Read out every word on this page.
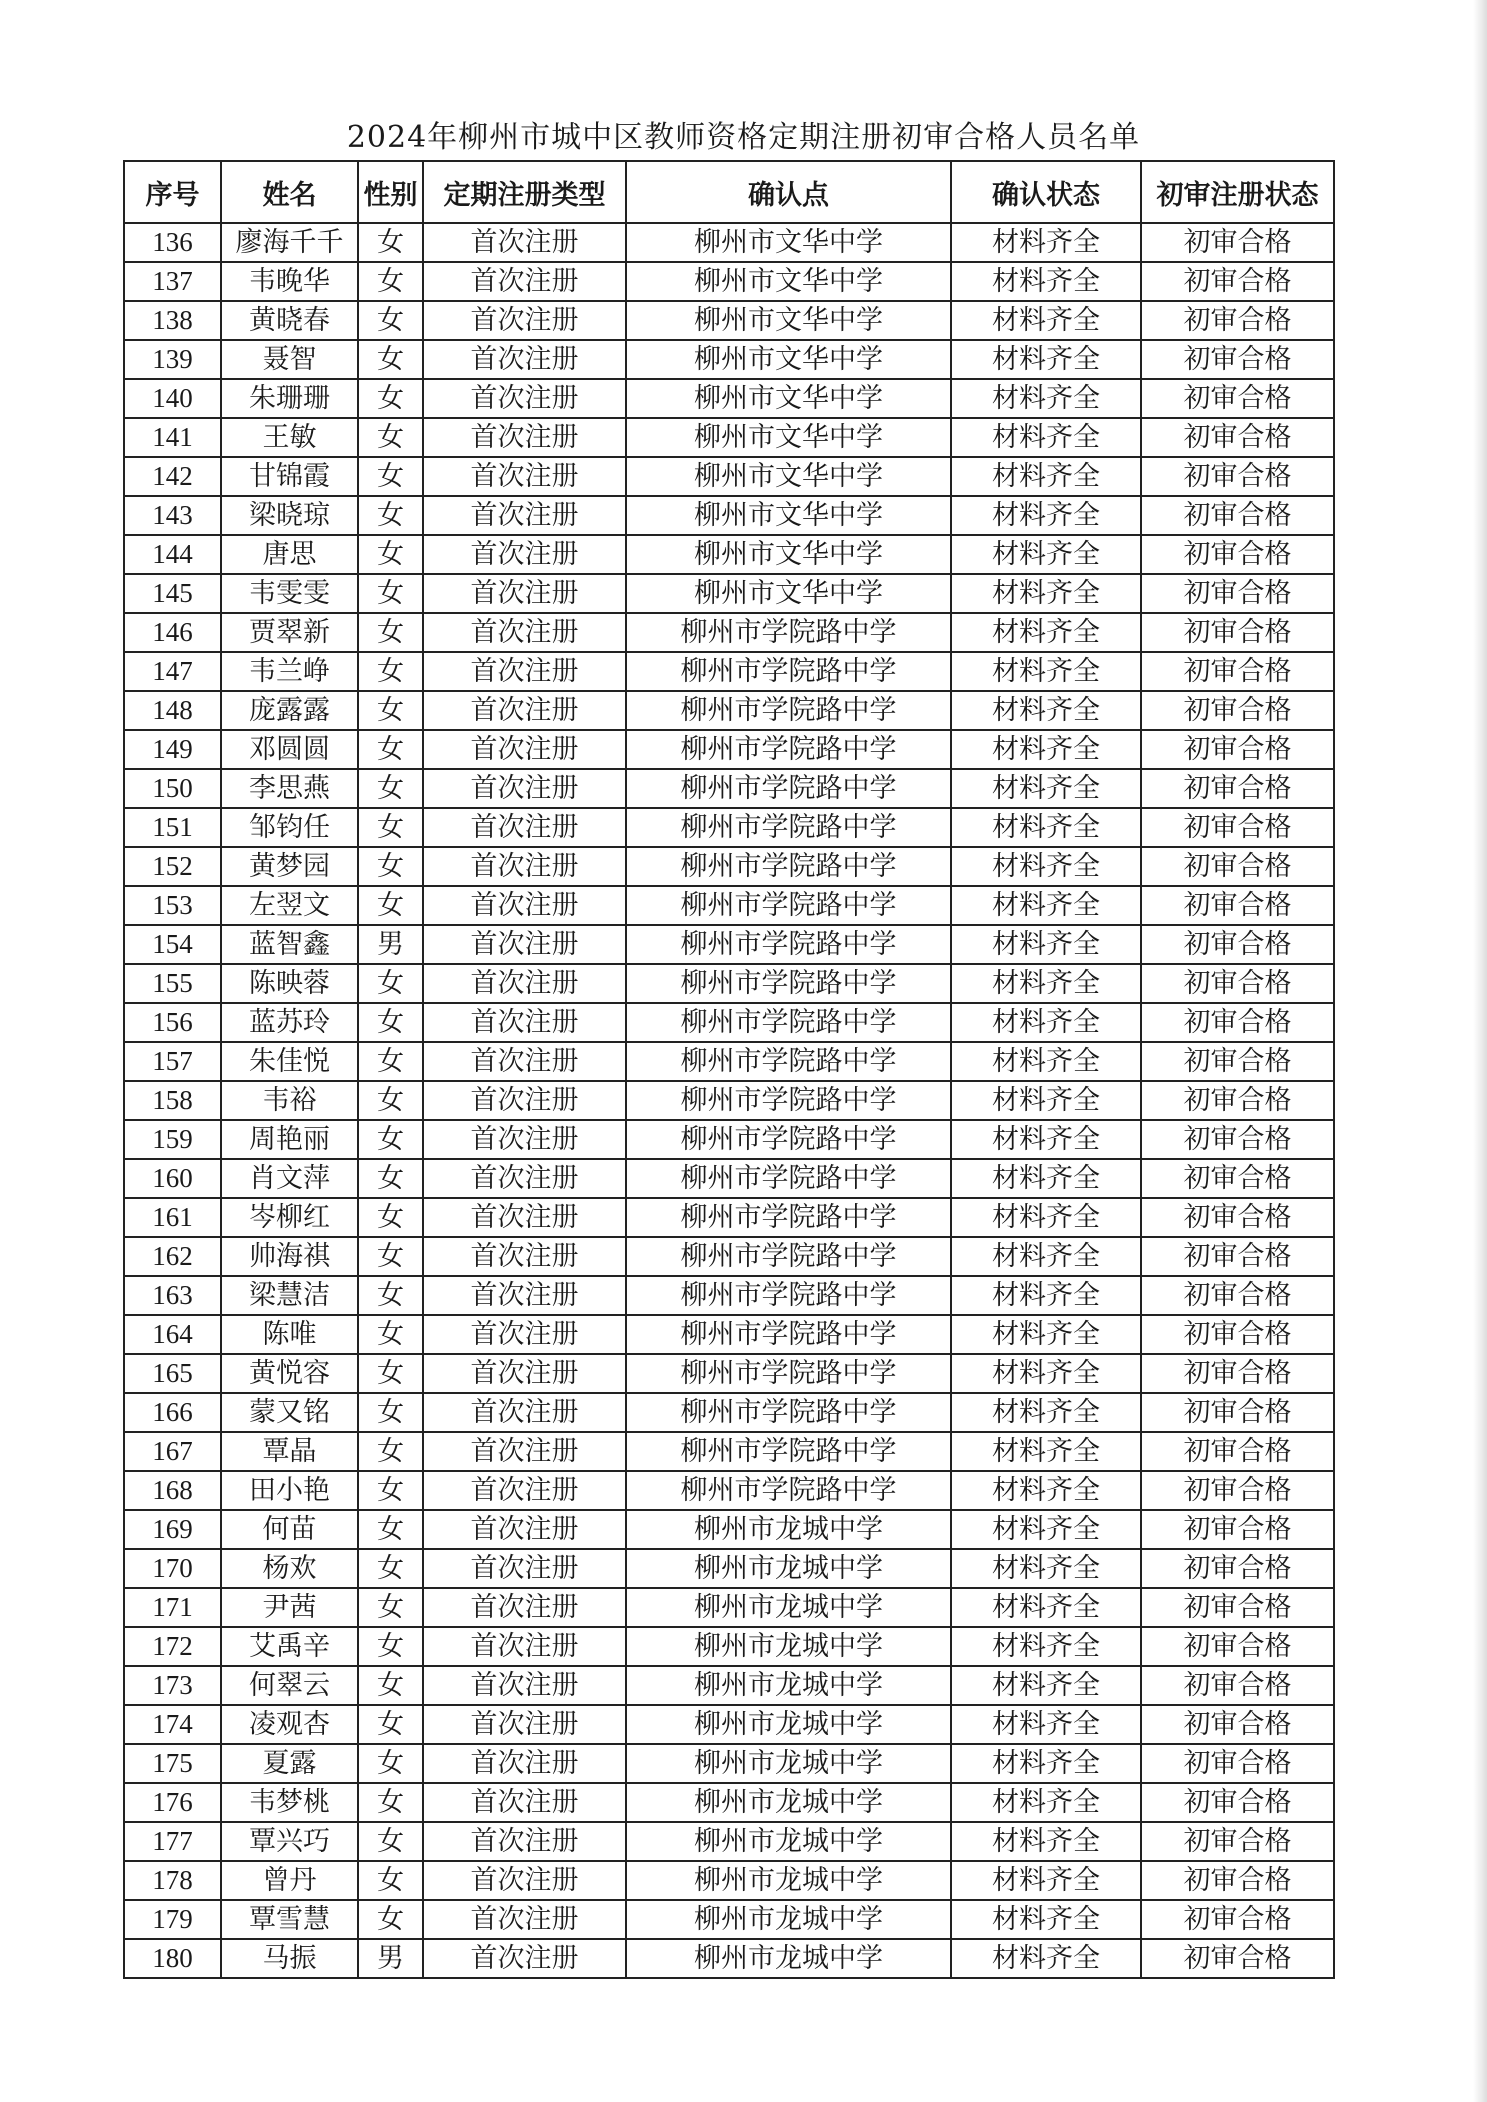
2024年柳州市城中区教师资格定期注册初审合格人员名单
序号	姓名	性别	定期注册类型	确认点	确认状态	初审注册状态
136	廖海千千	女	首次注册	柳州市文华中学	材料齐全	初审合格
137	韦晚华	女	首次注册	柳州市文华中学	材料齐全	初审合格
138	黄晓春	女	首次注册	柳州市文华中学	材料齐全	初审合格
139	聂智	女	首次注册	柳州市文华中学	材料齐全	初审合格
140	朱珊珊	女	首次注册	柳州市文华中学	材料齐全	初审合格
141	王敏	女	首次注册	柳州市文华中学	材料齐全	初审合格
142	甘锦霞	女	首次注册	柳州市文华中学	材料齐全	初审合格
143	梁晓琼	女	首次注册	柳州市文华中学	材料齐全	初审合格
144	唐思	女	首次注册	柳州市文华中学	材料齐全	初审合格
145	韦雯雯	女	首次注册	柳州市文华中学	材料齐全	初审合格
146	贾翠新	女	首次注册	柳州市学院路中学	材料齐全	初审合格
147	韦兰峥	女	首次注册	柳州市学院路中学	材料齐全	初审合格
148	庞露露	女	首次注册	柳州市学院路中学	材料齐全	初审合格
149	邓圆圆	女	首次注册	柳州市学院路中学	材料齐全	初审合格
150	李思燕	女	首次注册	柳州市学院路中学	材料齐全	初审合格
151	邹钧任	女	首次注册	柳州市学院路中学	材料齐全	初审合格
152	黄梦园	女	首次注册	柳州市学院路中学	材料齐全	初审合格
153	左翌文	女	首次注册	柳州市学院路中学	材料齐全	初审合格
154	蓝智鑫	男	首次注册	柳州市学院路中学	材料齐全	初审合格
155	陈映蓉	女	首次注册	柳州市学院路中学	材料齐全	初审合格
156	蓝苏玲	女	首次注册	柳州市学院路中学	材料齐全	初审合格
157	朱佳悦	女	首次注册	柳州市学院路中学	材料齐全	初审合格
158	韦裕	女	首次注册	柳州市学院路中学	材料齐全	初审合格
159	周艳丽	女	首次注册	柳州市学院路中学	材料齐全	初审合格
160	肖文萍	女	首次注册	柳州市学院路中学	材料齐全	初审合格
161	岑柳红	女	首次注册	柳州市学院路中学	材料齐全	初审合格
162	帅海祺	女	首次注册	柳州市学院路中学	材料齐全	初审合格
163	梁慧洁	女	首次注册	柳州市学院路中学	材料齐全	初审合格
164	陈唯	女	首次注册	柳州市学院路中学	材料齐全	初审合格
165	黄悦容	女	首次注册	柳州市学院路中学	材料齐全	初审合格
166	蒙又铭	女	首次注册	柳州市学院路中学	材料齐全	初审合格
167	覃晶	女	首次注册	柳州市学院路中学	材料齐全	初审合格
168	田小艳	女	首次注册	柳州市学院路中学	材料齐全	初审合格
169	何苗	女	首次注册	柳州市龙城中学	材料齐全	初审合格
170	杨欢	女	首次注册	柳州市龙城中学	材料齐全	初审合格
171	尹茜	女	首次注册	柳州市龙城中学	材料齐全	初审合格
172	艾禹辛	女	首次注册	柳州市龙城中学	材料齐全	初审合格
173	何翠云	女	首次注册	柳州市龙城中学	材料齐全	初审合格
174	凌观杏	女	首次注册	柳州市龙城中学	材料齐全	初审合格
175	夏露	女	首次注册	柳州市龙城中学	材料齐全	初审合格
176	韦梦桃	女	首次注册	柳州市龙城中学	材料齐全	初审合格
177	覃兴巧	女	首次注册	柳州市龙城中学	材料齐全	初审合格
178	曾丹	女	首次注册	柳州市龙城中学	材料齐全	初审合格
179	覃雪慧	女	首次注册	柳州市龙城中学	材料齐全	初审合格
180	马振	男	首次注册	柳州市龙城中学	材料齐全	初审合格
